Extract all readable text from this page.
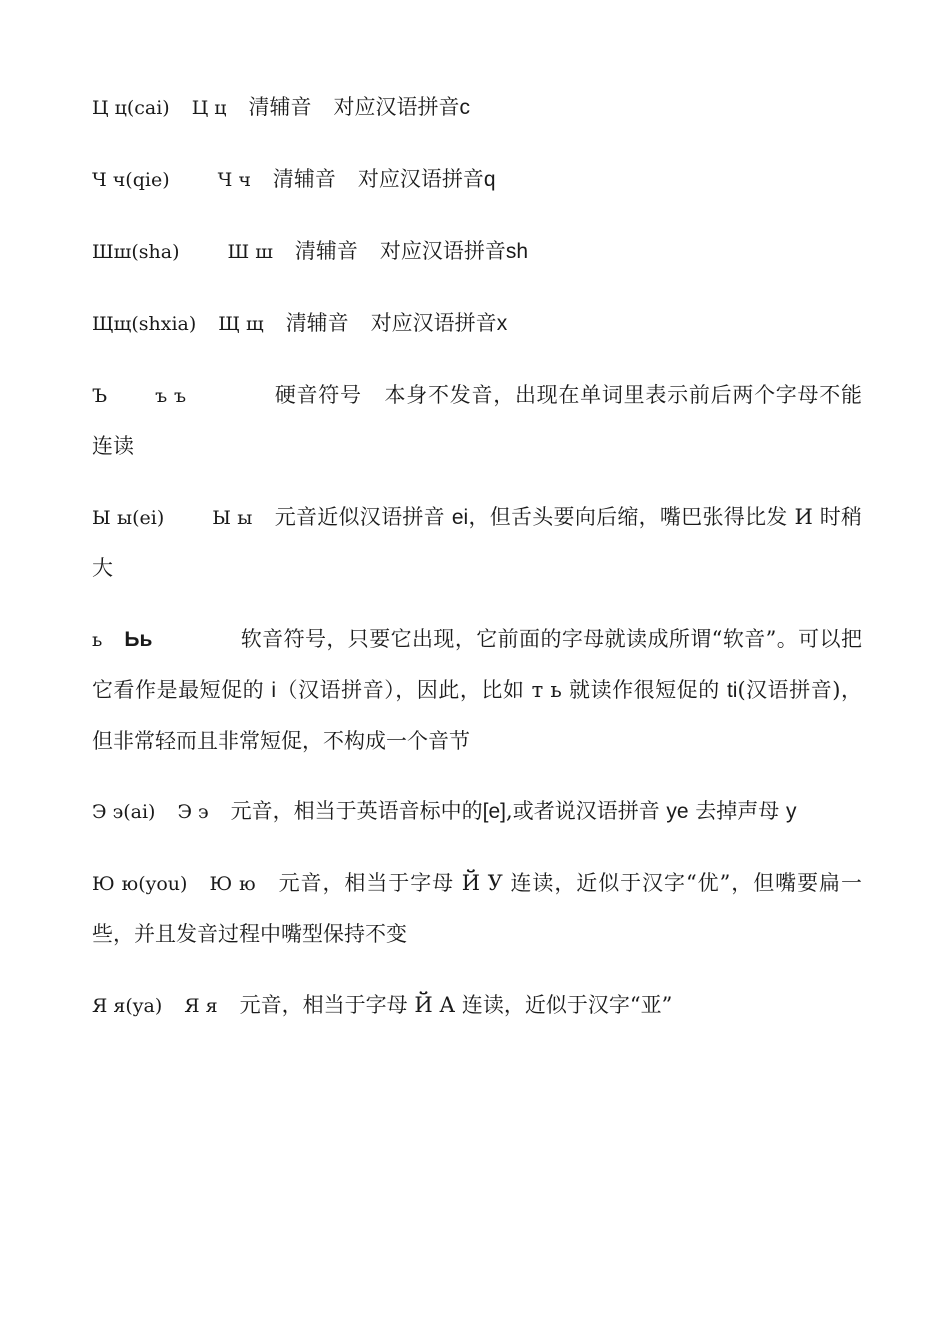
Ц ц(cai) Ц ц 清辅音 对应汉语拼音c
Ч ч(qie)	Ч ч 清辅音 对应汉语拼音q
Шш(sha)	Ш ш 清辅音 对应汉语拼音sh
Щщ(shxia) Щ щ 清辅音 对应汉语拼音x
Ъ	ъ ъ	硬音符号 本身不发音，出现在单词里表示前后两个字母不能连读
Ы ы(ei)	Ы ы 元音近似汉语拼音 ei，但舌头要向后缩，嘴巴张得比发 И 时稍大
ь Ьь	软音符号，只要它出现，它前面的字母就读成所谓“软音”。可以把它看作是最短促的 i（汉语拼音），因此，比如 т ь 就读作很短促的 ti(汉语拼音)，但非常轻而且非常短促，不构成一个音节
Э э(ai) Э э 元音，相当于英语音标中的[e],或者说汉语拼音 ye 去掉声母 y
Ю ю(you) Ю ю 元音，相当于字母 Й У 连读，近似于汉字“优”，但嘴要扁一些，并且发音过程中嘴型保持不变
Я я(ya) Я я 元音，相当于字母 Й А 连读，近似于汉字“亚”
